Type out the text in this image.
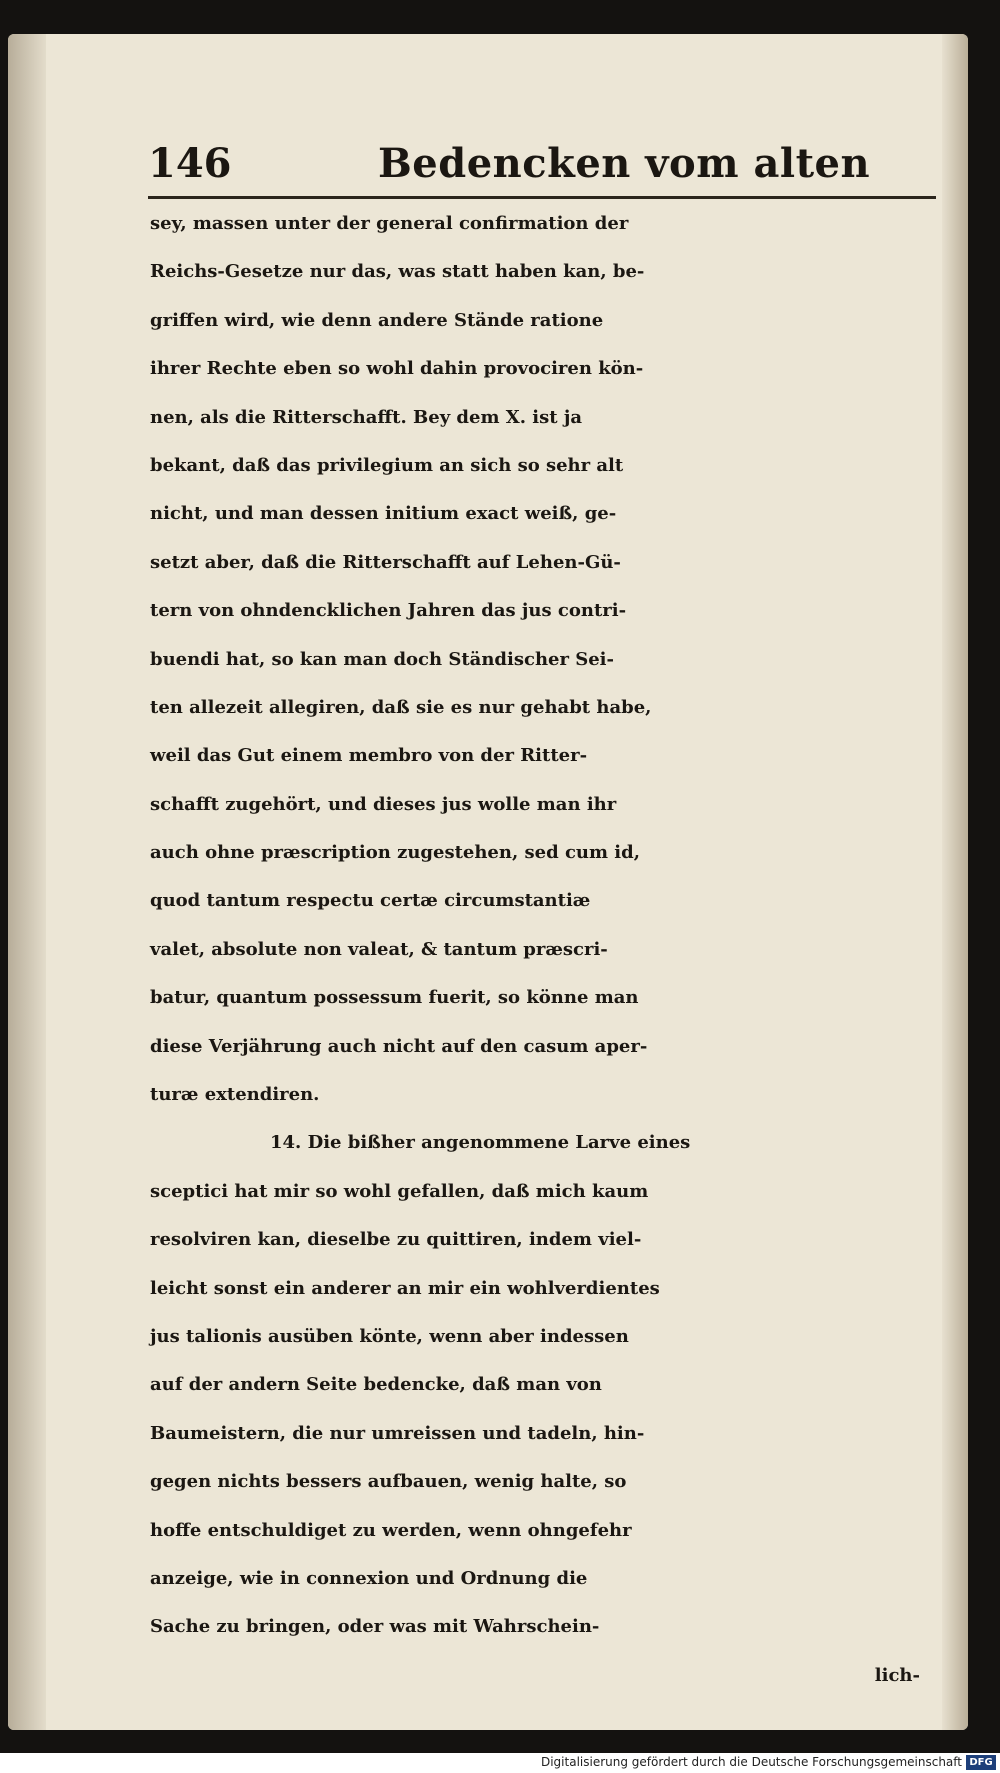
146	Bedencken vom alten
sey, massen unter der general confirmation der
Reichs-Gesetze nur das, was statt haben kan, be-
griffen wird, wie denn andere Stände ratione
ihrer Rechte eben so wohl dahin provociren kön-
nen, als die Ritterschafft. Bey dem X. ist ja
bekant, daß das privilegium an sich so sehr alt
nicht, und man dessen initium exact weiß, ge-
setzt aber, daß die Ritterschafft auf Lehen-Gü-
tern von ohndencklichen Jahren das jus contri-
buendi hat, so kan man doch Ständischer Sei-
ten allezeit allegiren, daß sie es nur gehabt habe,
weil das Gut einem membro von der Ritter-
schafft zugehört, und dieses jus wolle man ihr
auch ohne præscription zugestehen, sed cum id,
quod tantum respectu certæ circumstantiæ
valet, absolute non valeat, & tantum præscri-
batur, quantum possessum fuerit, so könne man
diese Verjährung auch nicht auf den casum aper-
turæ extendiren.
14. Die bißher angenommene Larve eines
sceptici hat mir so wohl gefallen, daß mich kaum
resolviren kan, dieselbe zu quittiren, indem viel-
leicht sonst ein anderer an mir ein wohlverdientes
jus talionis ausüben könte, wenn aber indessen
auf der andern Seite bedencke, daß man von
Baumeistern, die nur umreissen und tadeln, hin-
gegen nichts bessers aufbauen, wenig halte, so
hoffe entschuldiget zu werden, wenn ohngefehr
anzeige, wie in connexion und Ordnung die
Sache zu bringen, oder was mit Wahrschein-
lich-
Digitalisierung gefördert durch die Deutsche Forschungsgemeinschaft DFG
